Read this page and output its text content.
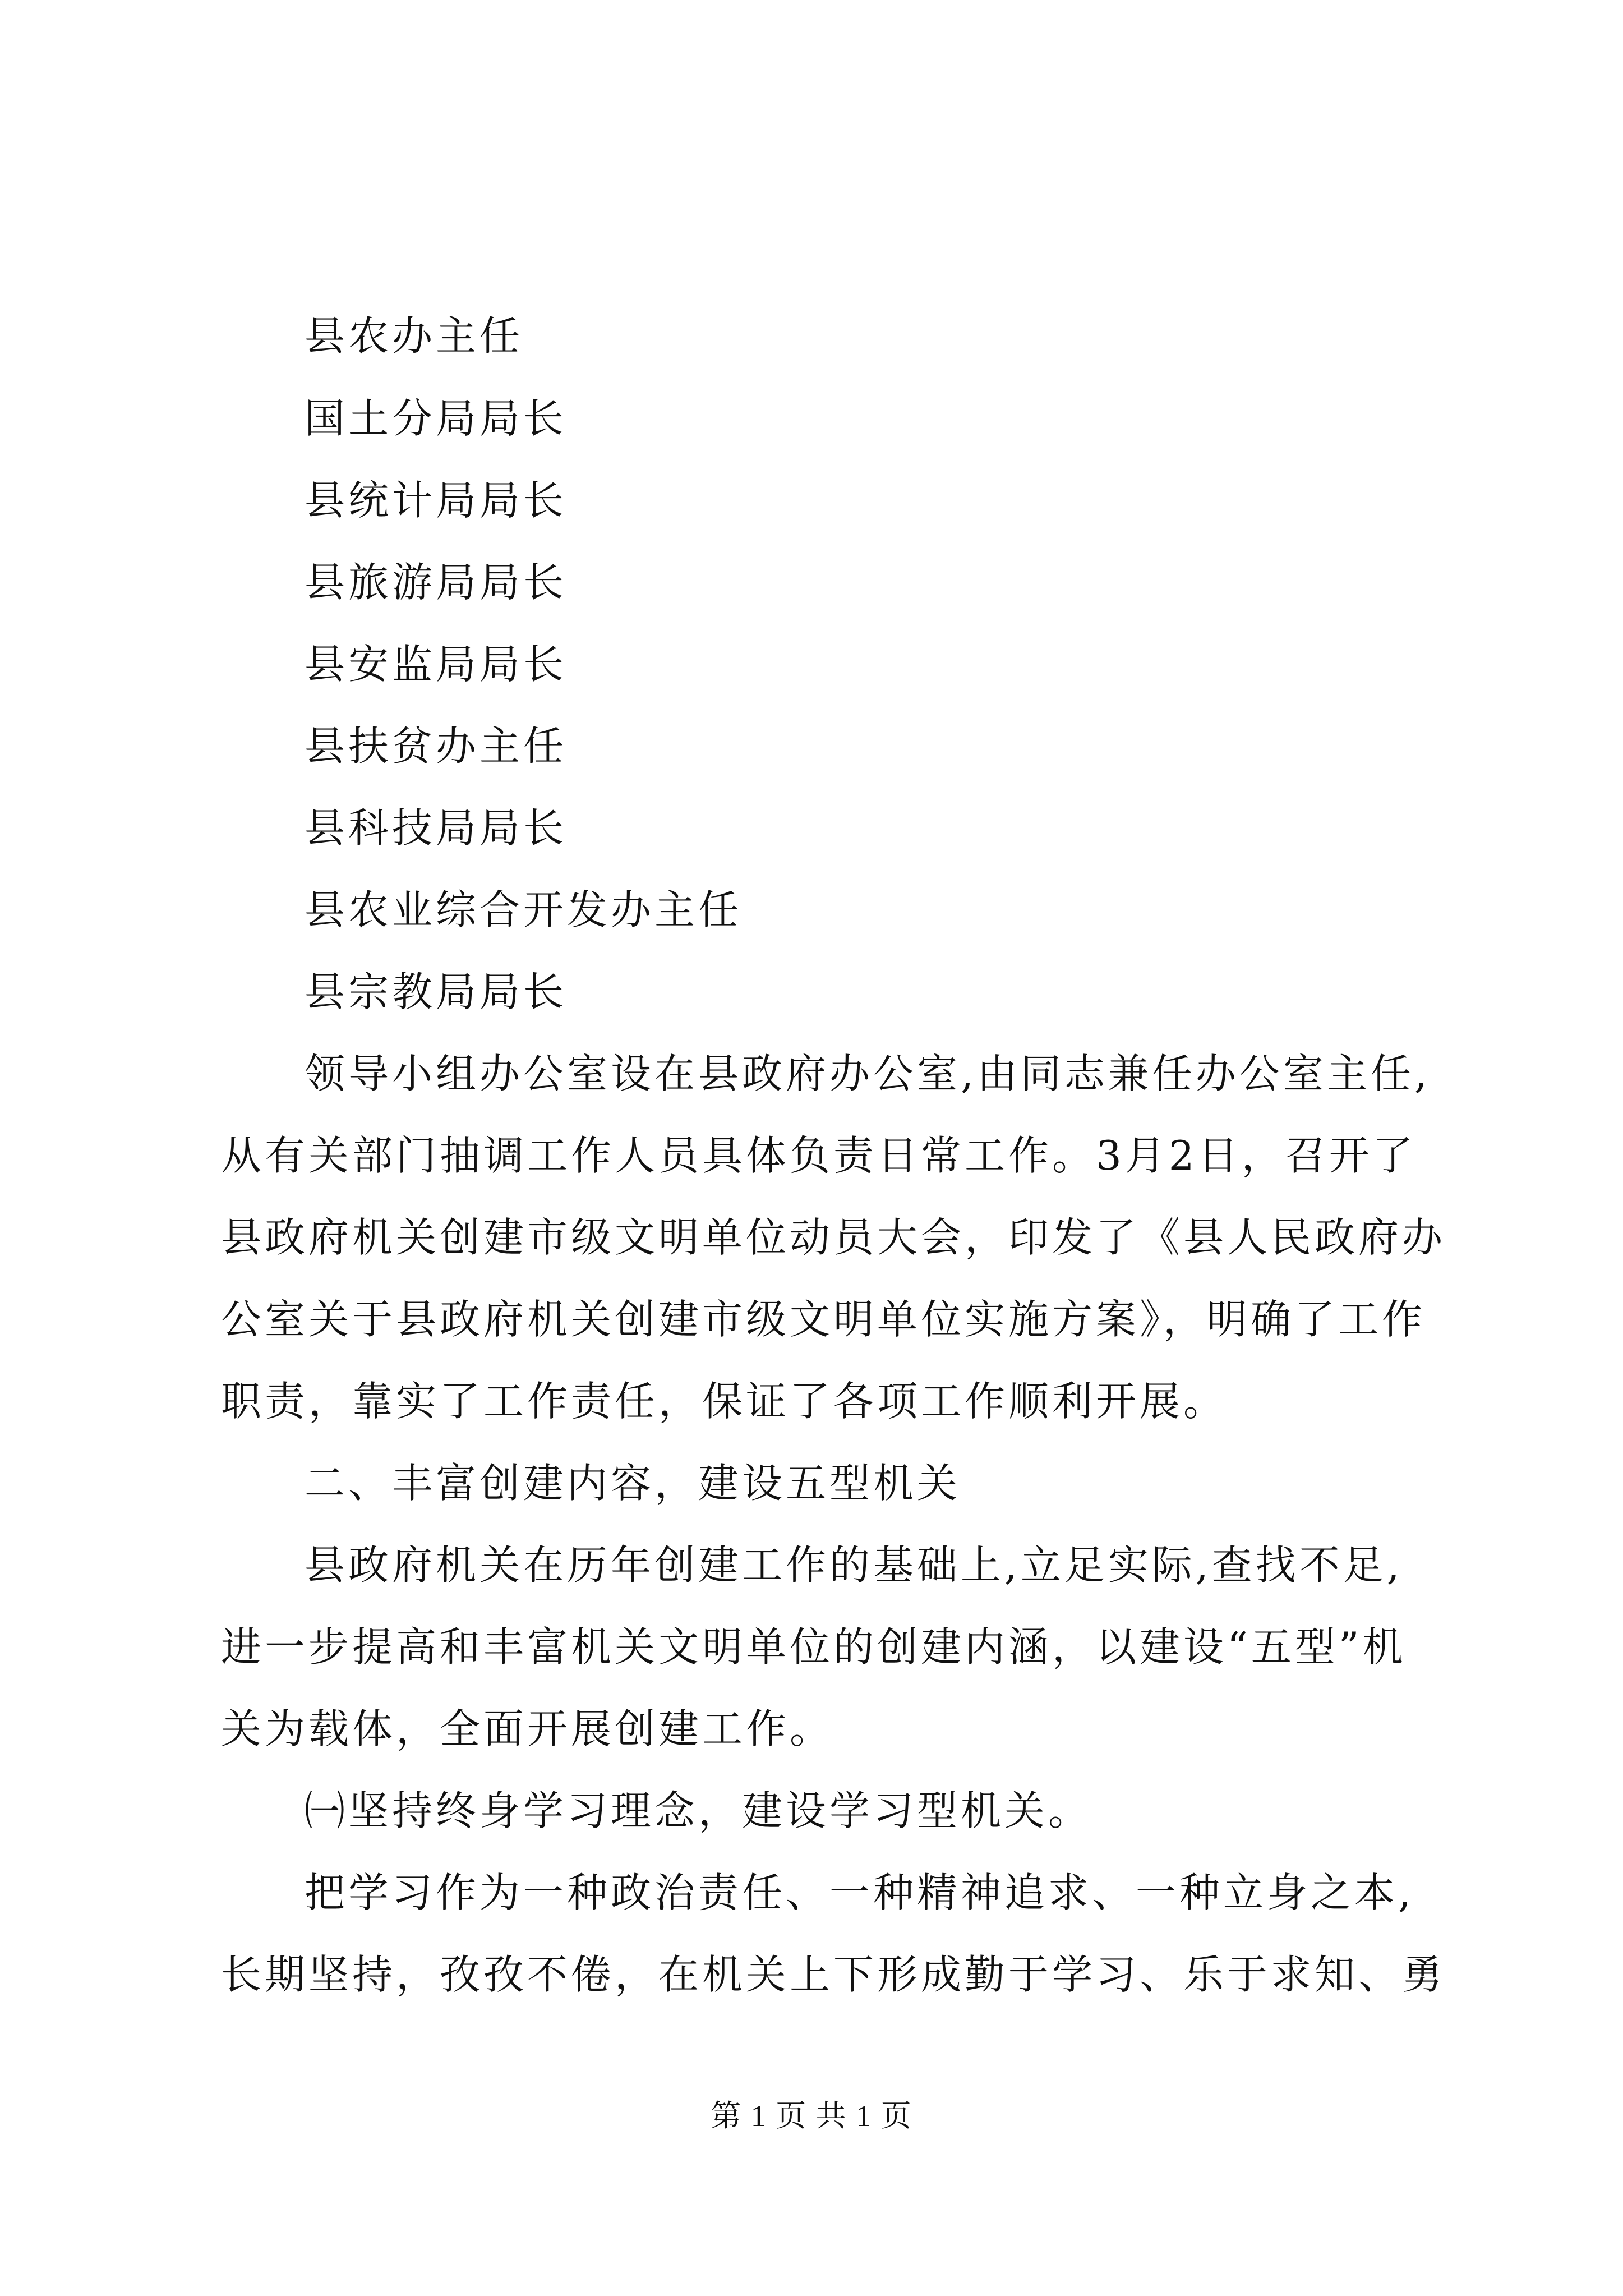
县农办主任
国土分局局长
县统计局局长
县旅游局局长
县安监局局长
县扶贫办主任
县科技局局长
县农业综合开发办主任
县宗教局局长
领导小组办公室设在县政府办公室,由同志兼任办公室主任,
从有关部门抽调工作人员具体负责日常工作。3月2日，召开了
县政府机关创建市级文明单位动员大会，印发了《县人民政府办
公室关于县政府机关创建市级文明单位实施方案》，明确了工作
职责，靠实了工作责任，保证了各项工作顺利开展。
二、丰富创建内容，建设五型机关
县政府机关在历年创建工作的基础上,立足实际,查找不足,
进一步提高和丰富机关文明单位的创建内涵，以建设“五型”机
关为载体，全面开展创建工作。
㈠坚持终身学习理念，建设学习型机关。
把学习作为一种政治责任、一种精神追求、一种立身之本,
长期坚持，孜孜不倦，在机关上下形成勤于学习、乐于求知、勇
第 1 页 共 1 页
